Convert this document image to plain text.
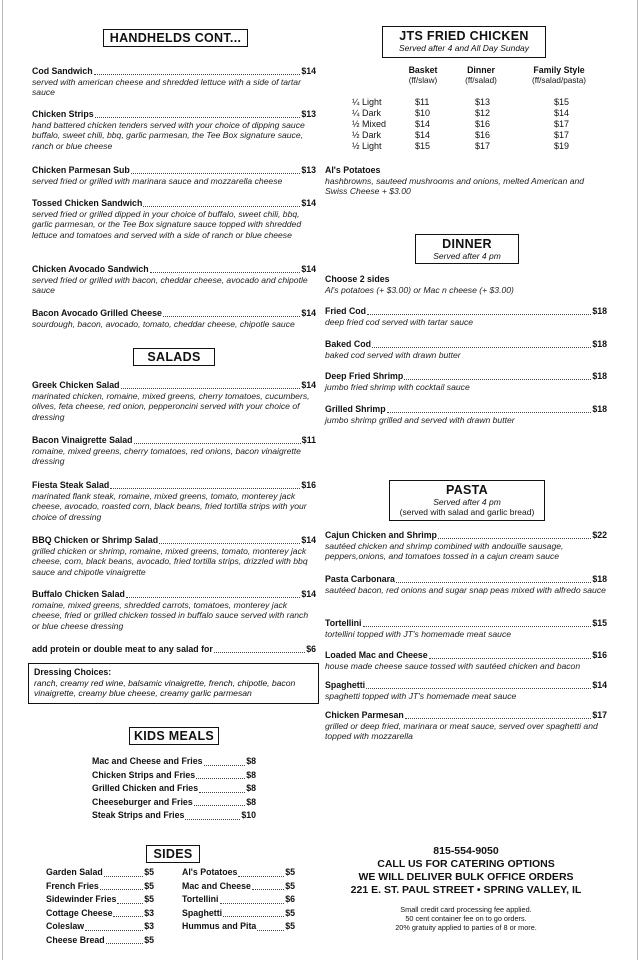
HANDHELDS CONT...
Cod Sandwich	$14
served with american cheese and shredded lettuce with a side of tartar sauce
Chicken Strips	$13
hand battered chicken tenders served with your choice of dipping sauce buffalo, sweet chili, bbq, garlic parmesan, the Tee Box signature sauce, ranch or blue cheese
Chicken Parmesan Sub	$13
served fried or grilled with marinara sauce and mozzarella cheese
Tossed Chicken Sandwich	$14
served fried or grilled dipped in your choice of buffalo, sweet chili, bbq, garlic parmesan, or the Tee Box signature sauce topped with shredded lettuce and tomatoes and served with a side of ranch or blue cheese
Chicken Avocado Sandwich	$14
served fried or grilled with bacon, cheddar cheese, avocado and chipotle sauce
Bacon Avocado Grilled Cheese	$14
sourdough, bacon, avocado, tomato, cheddar cheese, chipotle sauce
SALADS
Greek Chicken Salad	$14
marinated chicken, romaine, mixed greens, cherry tomatoes, cucumbers, olives, feta cheese, red onion, pepperoncini served with your choice of dressing
Bacon Vinaigrette Salad	$11
romaine, mixed greens, cherry tomatoes, red onions, bacon vinaigrette dressing
Fiesta Steak Salad	$16
marinated flank steak, romaine, mixed greens, tomato, monterey jack cheese, avocado, roasted corn, black beans, fried tortilla strips with your choice of dressing
BBQ Chicken or Shrimp Salad	$14
grilled chicken or shrimp, romaine, mixed greens, tomato, monterey jack cheese, corn, black beans, avocado, fried tortilla strips, drizzled with bbq sauce and chipotle vinaigrette
Buffalo Chicken Salad	$14
romaine, mixed greens, shredded carrots, tomatoes, monterey jack cheese, fried or grilled chicken tossed in buffalo sauce served with ranch or blue cheese dressing
add protein or double meat to any salad for	$6
Dressing Choices:
ranch, creamy red wine, balsamic vinaigrette, french, chipotle, bacon vinaigrette, creamy blue cheese, creamy garlic parmesan
KIDS MEALS
Mac and Cheese and Fries	$8
Chicken Strips and Fries	$8
Grilled Chicken and Fries	$8
Cheeseburger and Fries	$8
Steak Strips and Fries	$10
SIDES
Garden Salad	$5
French Fries	$5
Sidewinder Fries	$5
Cottage Cheese	$3
Coleslaw	$3
Cheese Bread	$5
Al's Potatoes	$5
Mac and Cheese	$5
Tortellini	$6
Spaghetti	$5
Hummus and Pita	$5
JTS FRIED CHICKEN
Served after 4 and All Day Sunday
Basket
(ff/slaw)
Dinner
(ff/salad)
Family Style
(ff/salad/pasta)
¼ Light	$11	$13	$15
¼ Dark	$10	$12	$14
½ Mixed	$14	$16	$17
½ Dark	$14	$16	$17
½ Light	$15	$17	$19
Al's Potatoes
hashbrowns, sauteed mushrooms and onions, melted American and Swiss Cheese + $3.00
DINNER
Served after 4 pm
Choose 2 sides
Al's potatoes (+ $3.00) or Mac n cheese (+ $3.00)
Fried Cod	$18
deep fried cod served with tartar sauce
Baked Cod	$18
baked cod served with drawn butter
Deep Fried Shrimp	$18
jumbo fried shrimp with cocktail sauce
Grilled Shrimp	$18
jumbo shrimp grilled and served with drawn butter
PASTA
Served after 4 pm
(served with salad and garlic bread)
Cajun Chicken and Shrimp	$22
sautéed chicken and shrimp combined with andouille sausage, peppers,onions, and tomatoes tossed in a cajun cream sauce
Pasta Carbonara	$18
sautéed bacon, red onions and sugar snap peas mixed with alfredo sauce
Tortellini	$15
tortellini topped with JT's homemade meat sauce
Loaded Mac and Cheese	$16
house made cheese sauce tossed with sautéed chicken and bacon
Spaghetti	$14
spaghetti topped with JT's homemade meat sauce
Chicken Parmesan	$17
grilled or deep fried, marinara or meat sauce, served over spaghetti and topped with mozzarella
815-554-9050
CALL US FOR CATERING OPTIONS
WE WILL DELIVER BULK OFFICE ORDERS
221 E. ST. PAUL STREET • SPRING VALLEY, IL
Small credit card processing fee applied.
50 cent container fee on to go orders.
20% gratuity applied to parties of 8 or more.
